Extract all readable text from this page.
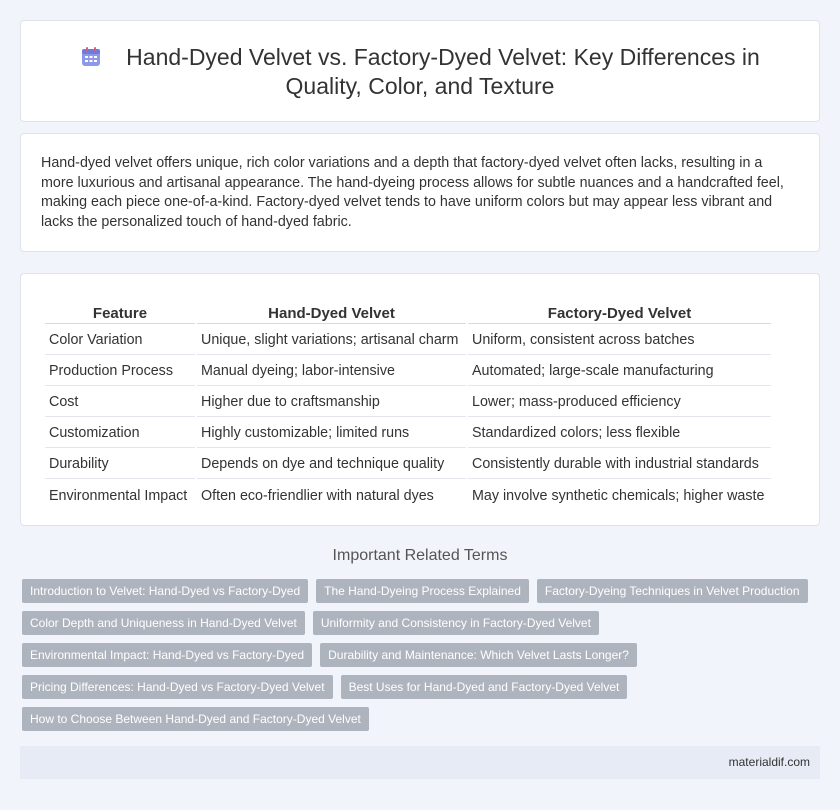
Hand-Dyed Velvet vs. Factory-Dyed Velvet: Key Differences in Quality, Color, and Texture

Hand-dyed velvet offers unique, rich color variations and a depth that factory-dyed velvet often lacks, resulting in a more luxurious and artisanal appearance. The hand-dyeing process allows for subtle nuances and a handcrafted feel, making each piece one-of-a-kind. Factory-dyed velvet tends to have uniform colors but may appear less vibrant and lacks the personalized touch of hand-dyed fabric.

Feature	Hand-Dyed Velvet	Factory-Dyed Velvet
Color Variation	Unique, slight variations; artisanal charm	Uniform, consistent across batches
Production Process	Manual dyeing; labor-intensive	Automated; large-scale manufacturing
Cost	Higher due to craftsmanship	Lower; mass-produced efficiency
Customization	Highly customizable; limited runs	Standardized colors; less flexible
Durability	Depends on dye and technique quality	Consistently durable with industrial standards
Environmental Impact	Often eco-friendlier with natural dyes	May involve synthetic chemicals; higher waste
Important Related Terms
Introduction to Velvet: Hand-Dyed vs Factory-Dyed	The Hand-Dyeing Process Explained	Factory-Dyeing Techniques in Velvet Production
Color Depth and Uniqueness in Hand-Dyed Velvet	Uniformity and Consistency in Factory-Dyed Velvet
Environmental Impact: Hand-Dyed vs Factory-Dyed	Durability and Maintenance: Which Velvet Lasts Longer?
Pricing Differences: Hand-Dyed vs Factory-Dyed Velvet	Best Uses for Hand-Dyed and Factory-Dyed Velvet
How to Choose Between Hand-Dyed and Factory-Dyed Velvet
materialdif.com
